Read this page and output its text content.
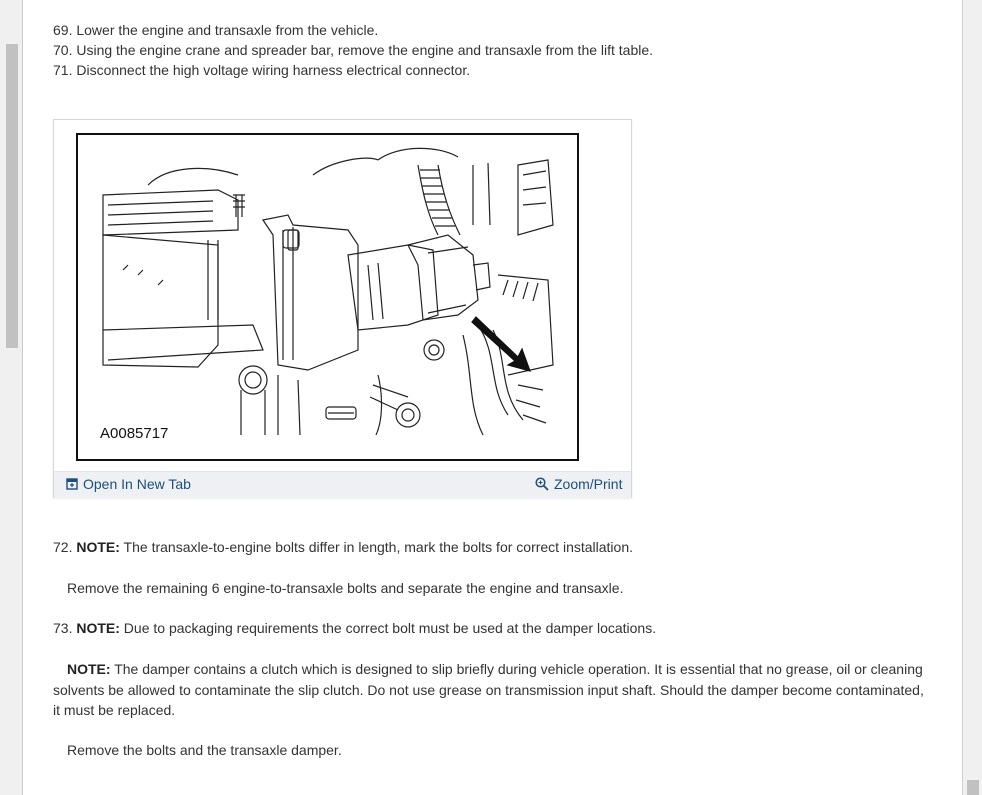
69. Lower the engine and transaxle from the vehicle.
70. Using the engine crane and spreader bar, remove the engine and transaxle from the lift table.
71. Disconnect the high voltage wiring harness electrical connector.
72. NOTE: The transaxle-to-engine bolts differ in length, mark the bolts for correct installation.
Remove the remaining 6 engine-to-transaxle bolts and separate the engine and transaxle.
73. NOTE: Due to packaging requirements the correct bolt must be used at the damper locations.
NOTE: The damper contains a clutch which is designed to slip briefly during vehicle operation. It is essential that no grease, oil or cleaning
solvents be allowed to contaminate the slip clutch. Do not use grease on transmission input shaft. Should the damper become contaminated,
it must be replaced.
Remove the bolts and the transaxle damper.
A0085717
Open In New Tab	Zoom/Print
